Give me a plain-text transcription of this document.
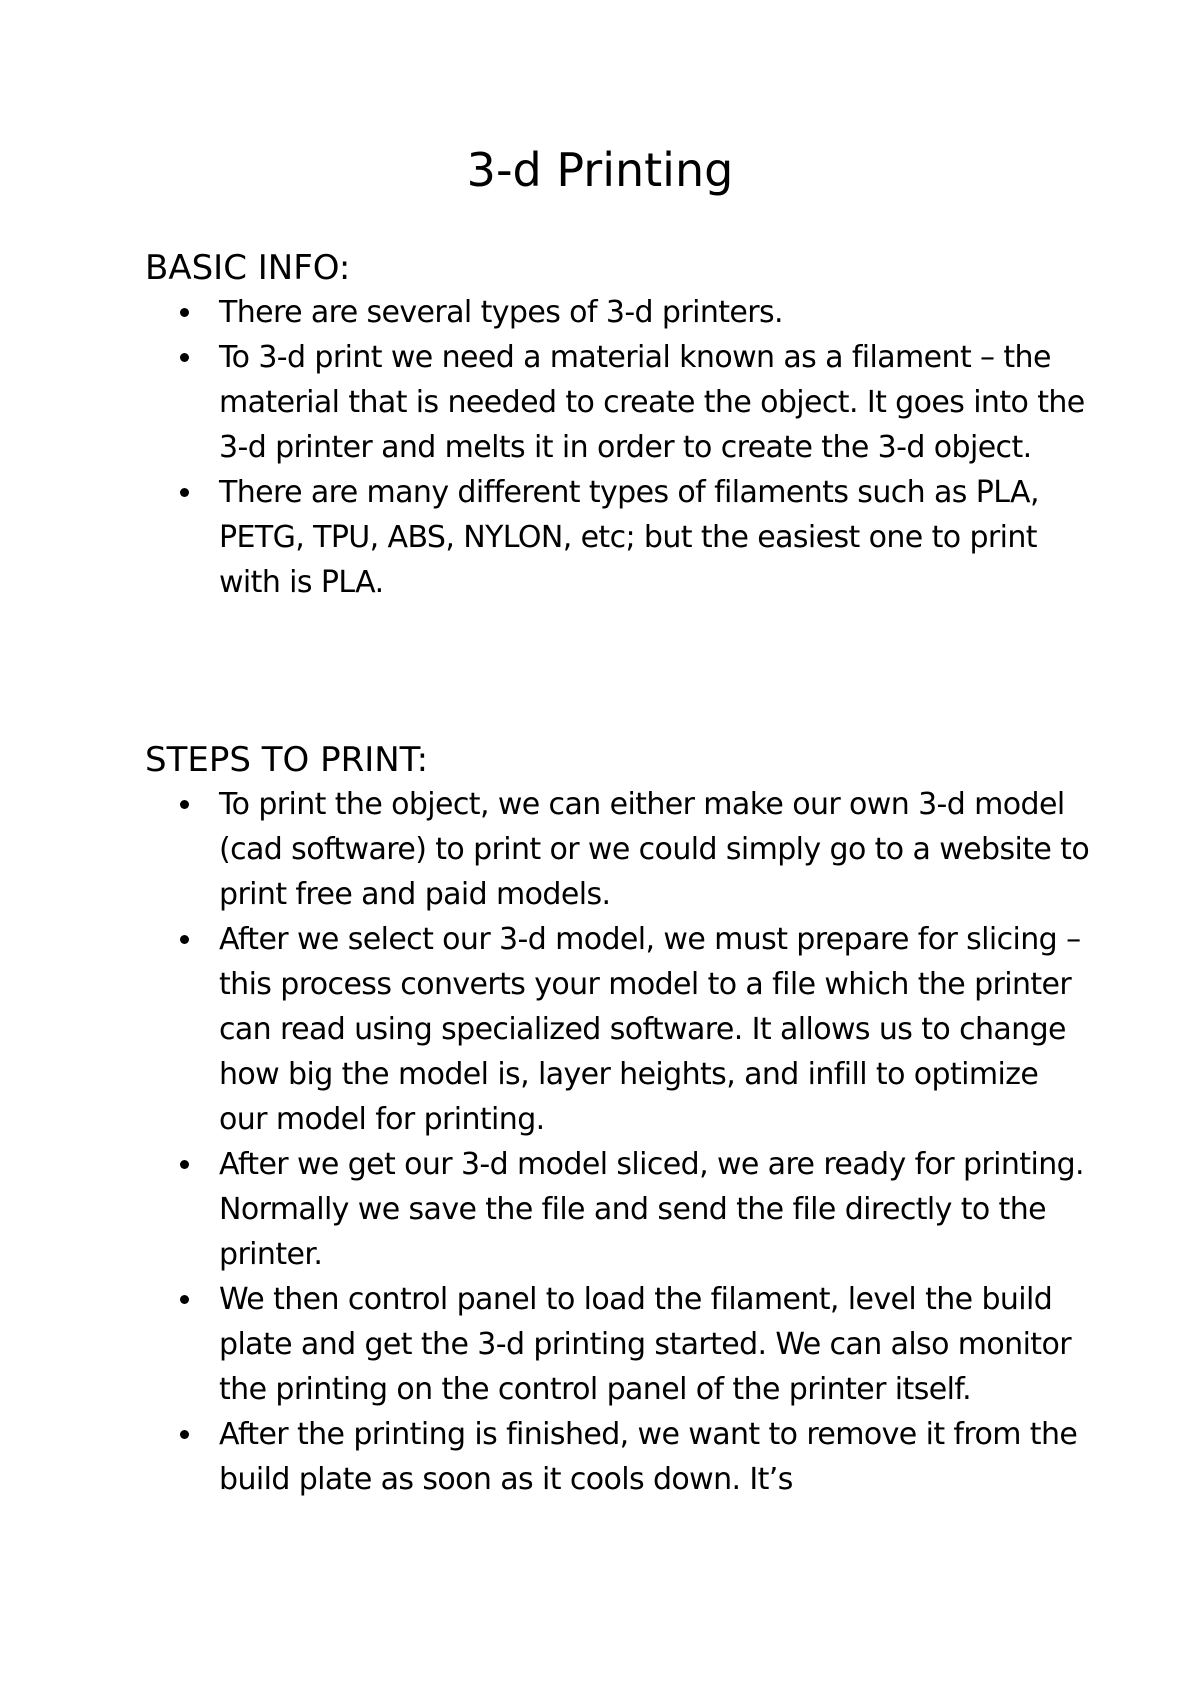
3-d Printing
BASIC INFO:
There are several types of 3-d printers.
To 3-d print we need a material known as a filament – the material that is needed to create the object. It goes into the 3-d printer and melts it in order to create the 3-d object.
There are many different types of filaments such as PLA, PETG, TPU, ABS, NYLON, etc; but the easiest one to print with is PLA.
STEPS TO PRINT:
To print the object, we can either make our own 3-d model (cad software) to print or we could simply go to a website to print free and paid models.
After we select our 3-d model, we must prepare for slicing – this process converts your model to a file which the printer can read using specialized software. It allows us to change how big the model is, layer heights, and infill to optimize our model for printing.
After we get our 3-d model sliced, we are ready for printing. Normally we save the file and send the file directly to the printer.
We then control panel to load the filament, level the build plate and get the 3-d printing started. We can also monitor the printing on the control panel of the printer itself.
After the printing is finished, we want to remove it from the build plate as soon as it cools down. It’s
